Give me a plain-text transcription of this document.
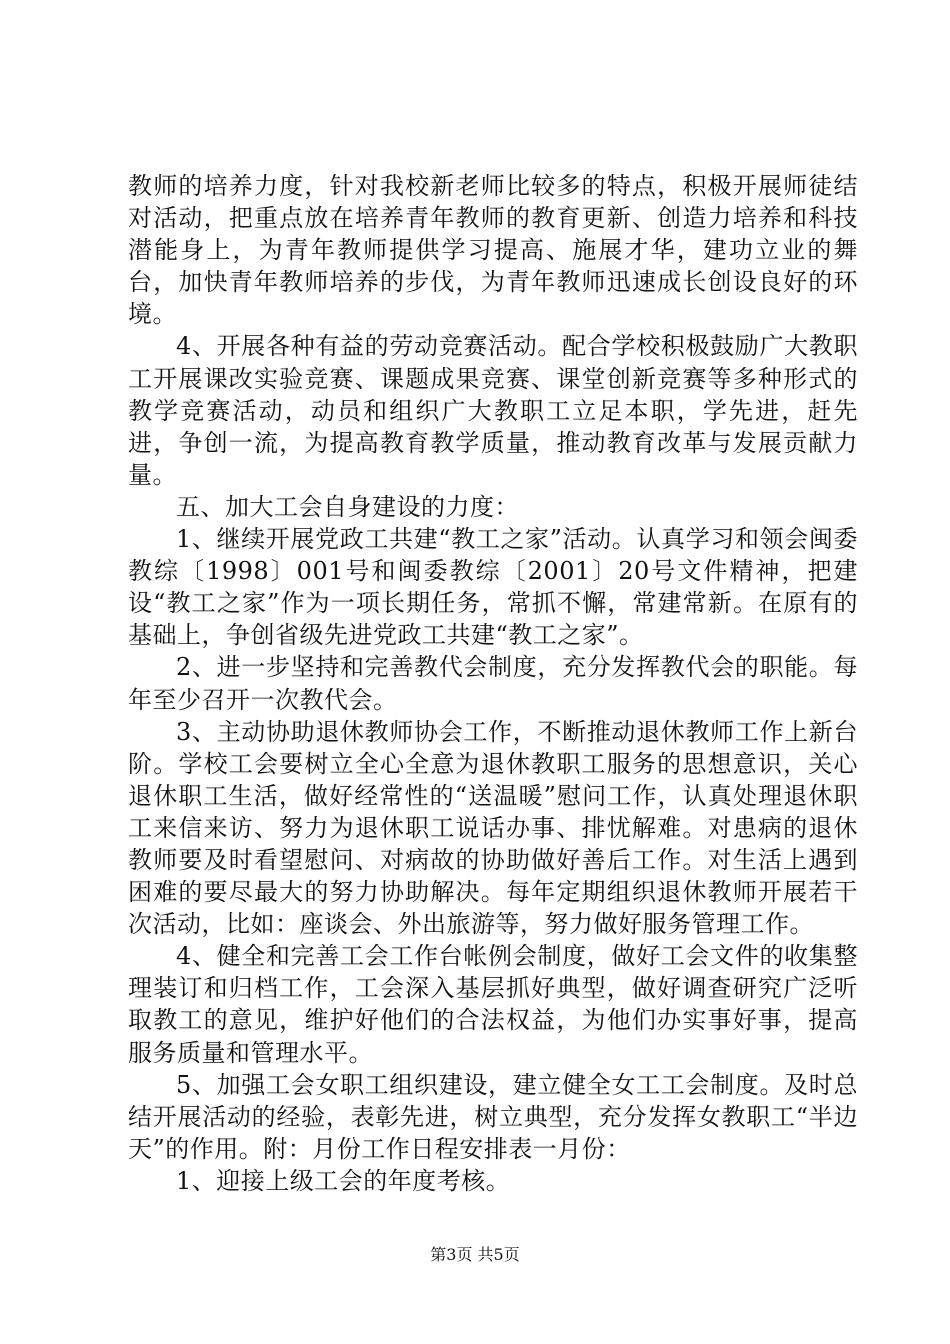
教师的培养力度，针对我校新老师比较多的特点，积极开展师徒结对活动，把重点放在培养青年教师的教育更新、创造力培养和科技潜能身上，为青年教师提供学习提高、施展才华，建功立业的舞台，加快青年教师培养的步伐，为青年教师迅速成长创设良好的环境。

4、开展各种有益的劳动竞赛活动。配合学校积极鼓励广大教职工开展课改实验竞赛、课题成果竞赛、课堂创新竞赛等多种形式的教学竞赛活动，动员和组织广大教职工立足本职，学先进，赶先进，争创一流，为提高教育教学质量，推动教育改革与发展贡献力量。

五、加大工会自身建设的力度：

1、继续开展党政工共建“教工之家”活动。认真学习和领会闽委教综〔1998〕001号和闽委教综〔2001〕20号文件精神，把建设“教工之家”作为一项长期任务，常抓不懈，常建常新。在原有的基础上，争创省级先进党政工共建“教工之家”。

2、进一步坚持和完善教代会制度，充分发挥教代会的职能。每年至少召开一次教代会。

3、主动协助退休教师协会工作，不断推动退休教师工作上新台阶。学校工会要树立全心全意为退休教职工服务的思想意识，关心退休职工生活，做好经常性的“送温暖”慰问工作，认真处理退休职工来信来访、努力为退休职工说话办事、排忧解难。对患病的退休教师要及时看望慰问、对病故的协助做好善后工作。对生活上遇到困难的要尽最大的努力协助解决。每年定期组织退休教师开展若干次活动，比如：座谈会、外出旅游等，努力做好服务管理工作。

4、健全和完善工会工作台帐例会制度，做好工会文件的收集整理装订和归档工作，工会深入基层抓好典型，做好调查研究广泛听取教工的意见，维护好他们的合法权益，为他们办实事好事，提高服务质量和管理水平。

5、加强工会女职工组织建设，建立健全女工工会制度。及时总结开展活动的经验，表彰先进，树立典型，充分发挥女教职工“半边天”的作用。附：月份工作日程安排表一月份：

1、迎接上级工会的年度考核。

第3页 共5页
